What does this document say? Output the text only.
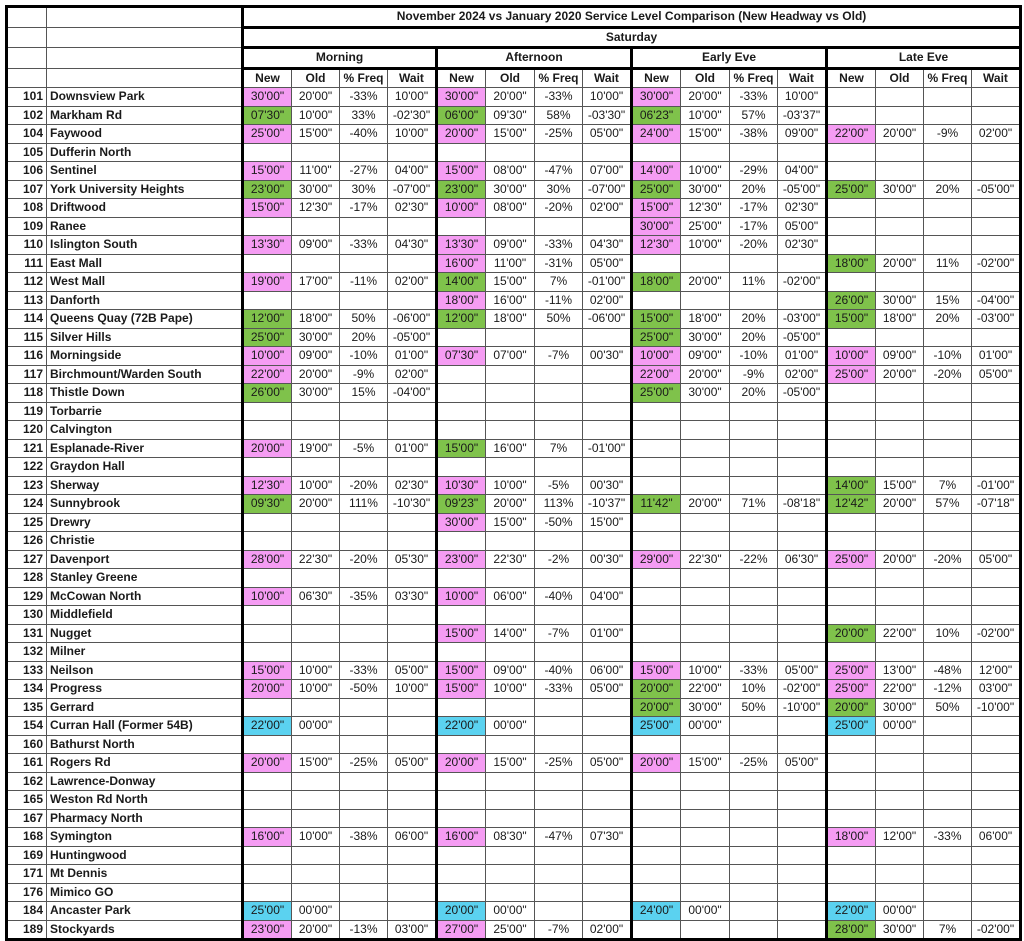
		November 2024 vs January 2020 Service Level Comparison (New Headway vs Old)															
		Saturday															
		Morning				Afternoon				Early Eve				Late Eve			
		New	Old	% Freq	Wait	New	Old	% Freq	Wait	New	Old	% Freq	Wait	New	Old	% Freq	Wait
101	Downsview Park	30'00"	20'00"	-33%	10'00"	30'00"	20'00"	-33%	10'00"	30'00"	20'00"	-33%	10'00"				
102	Markham Rd	07'30"	10'00"	33%	-02'30"	06'00"	09'30"	58%	-03'30"	06'23"	10'00"	57%	-03'37"				
104	Faywood	25'00"	15'00"	-40%	10'00"	20'00"	15'00"	-25%	05'00"	24'00"	15'00"	-38%	09'00"	22'00"	20'00"	-9%	02'00"
105	Dufferin North																
106	Sentinel	15'00"	11'00"	-27%	04'00"	15'00"	08'00"	-47%	07'00"	14'00"	10'00"	-29%	04'00"				
107	York University Heights	23'00"	30'00"	30%	-07'00"	23'00"	30'00"	30%	-07'00"	25'00"	30'00"	20%	-05'00"	25'00"	30'00"	20%	-05'00"
108	Driftwood	15'00"	12'30"	-17%	02'30"	10'00"	08'00"	-20%	02'00"	15'00"	12'30"	-17%	02'30"				
109	Ranee									30'00"	25'00"	-17%	05'00"				
110	Islington South	13'30"	09'00"	-33%	04'30"	13'30"	09'00"	-33%	04'30"	12'30"	10'00"	-20%	02'30"				
111	East Mall					16'00"	11'00"	-31%	05'00"					18'00"	20'00"	11%	-02'00"
112	West Mall	19'00"	17'00"	-11%	02'00"	14'00"	15'00"	7%	-01'00"	18'00"	20'00"	11%	-02'00"				
113	Danforth					18'00"	16'00"	-11%	02'00"					26'00"	30'00"	15%	-04'00"
114	Queens Quay (72B Pape)	12'00"	18'00"	50%	-06'00"	12'00"	18'00"	50%	-06'00"	15'00"	18'00"	20%	-03'00"	15'00"	18'00"	20%	-03'00"
115	Silver Hills	25'00"	30'00"	20%	-05'00"					25'00"	30'00"	20%	-05'00"				
116	Morningside	10'00"	09'00"	-10%	01'00"	07'30"	07'00"	-7%	00'30"	10'00"	09'00"	-10%	01'00"	10'00"	09'00"	-10%	01'00"
117	Birchmount/Warden South	22'00"	20'00"	-9%	02'00"					22'00"	20'00"	-9%	02'00"	25'00"	20'00"	-20%	05'00"
118	Thistle Down	26'00"	30'00"	15%	-04'00"					25'00"	30'00"	20%	-05'00"				
119	Torbarrie																
120	Calvington																
121	Esplanade-River	20'00"	19'00"	-5%	01'00"	15'00"	16'00"	7%	-01'00"								
122	Graydon Hall																
123	Sherway	12'30"	10'00"	-20%	02'30"	10'30"	10'00"	-5%	00'30"					14'00"	15'00"	7%	-01'00"
124	Sunnybrook	09'30"	20'00"	111%	-10'30"	09'23"	20'00"	113%	-10'37"	11'42"	20'00"	71%	-08'18"	12'42"	20'00"	57%	-07'18"
125	Drewry					30'00"	15'00"	-50%	15'00"								
126	Christie																
127	Davenport	28'00"	22'30"	-20%	05'30"	23'00"	22'30"	-2%	00'30"	29'00"	22'30"	-22%	06'30"	25'00"	20'00"	-20%	05'00"
128	Stanley Greene																
129	McCowan North	10'00"	06'30"	-35%	03'30"	10'00"	06'00"	-40%	04'00"								
130	Middlefield																
131	Nugget					15'00"	14'00"	-7%	01'00"					20'00"	22'00"	10%	-02'00"
132	Milner																
133	Neilson	15'00"	10'00"	-33%	05'00"	15'00"	09'00"	-40%	06'00"	15'00"	10'00"	-33%	05'00"	25'00"	13'00"	-48%	12'00"
134	Progress	20'00"	10'00"	-50%	10'00"	15'00"	10'00"	-33%	05'00"	20'00"	22'00"	10%	-02'00"	25'00"	22'00"	-12%	03'00"
135	Gerrard									20'00"	30'00"	50%	-10'00"	20'00"	30'00"	50%	-10'00"
154	Curran Hall (Former 54B)	22'00"	00'00"			22'00"	00'00"			25'00"	00'00"			25'00"	00'00"		
160	Bathurst North																
161	Rogers Rd	20'00"	15'00"	-25%	05'00"	20'00"	15'00"	-25%	05'00"	20'00"	15'00"	-25%	05'00"				
162	Lawrence-Donway																
165	Weston Rd North																
167	Pharmacy North																
168	Symington	16'00"	10'00"	-38%	06'00"	16'00"	08'30"	-47%	07'30"					18'00"	12'00"	-33%	06'00"
169	Huntingwood																
171	Mt Dennis																
176	Mimico GO																
184	Ancaster Park	25'00"	00'00"			20'00"	00'00"			24'00"	00'00"			22'00"	00'00"		
189	Stockyards	23'00"	20'00"	-13%	03'00"	27'00"	25'00"	-7%	02'00"					28'00"	30'00"	7%	-02'00"
